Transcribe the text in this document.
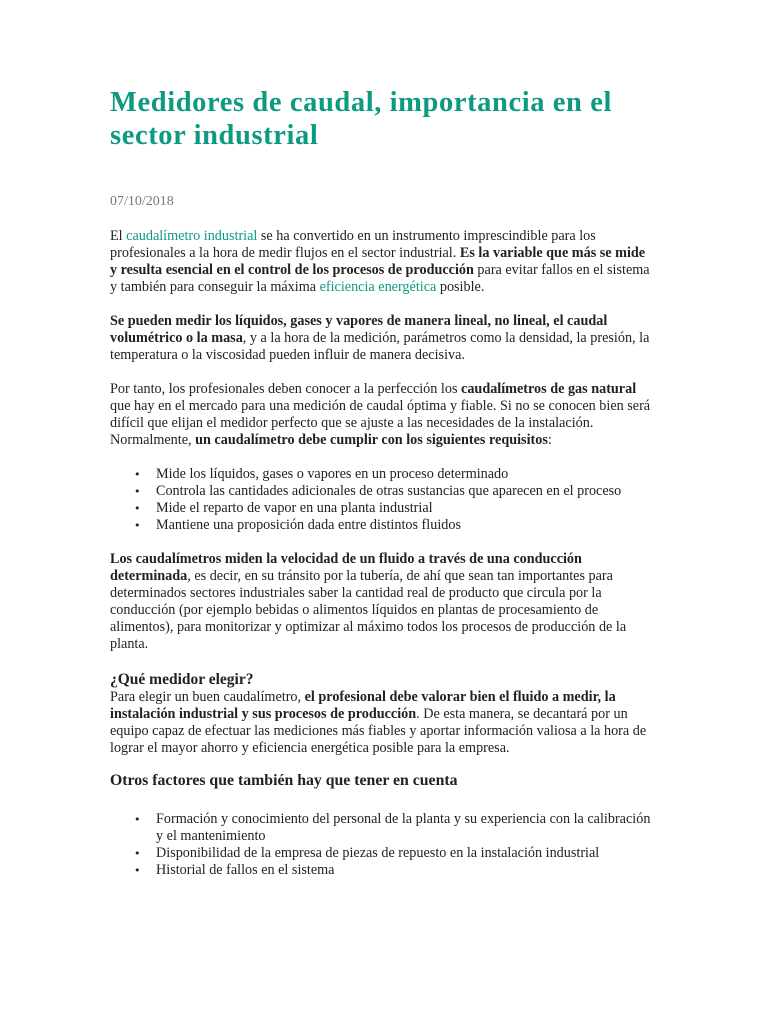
Medidores de caudal, importancia en el sector industrial
07/10/2018

El caudalímetro industrial se ha convertido en un instrumento imprescindible para los profesionales a la hora de medir flujos en el sector industrial. Es la variable que más se mide y resulta esencial en el control de los procesos de producción para evitar fallos en el sistema y también para conseguir la máxima eficiencia energética posible.

Se pueden medir los líquidos, gases y vapores de manera lineal, no lineal, el caudal volumétrico o la masa, y a la hora de la medición, parámetros como la densidad, la presión, la temperatura o la viscosidad pueden influir de manera decisiva.

Por tanto, los profesionales deben conocer a la perfección los caudalímetros de gas natural que hay en el mercado para una medición de caudal óptima y fiable. Si no se conocen bien será difícil que elijan el medidor perfecto que se ajuste a las necesidades de la instalación. Normalmente, un caudalímetro debe cumplir con los siguientes requisitos:

• Mide los líquidos, gases o vapores en un proceso determinado
• Controla las cantidades adicionales de otras sustancias que aparecen en el proceso
• Mide el reparto de vapor en una planta industrial
• Mantiene una proposición dada entre distintos fluidos

Los caudalímetros miden la velocidad de un fluido a través de una conducción determinada, es decir, en su tránsito por la tubería, de ahí que sean tan importantes para determinados sectores industriales saber la cantidad real de producto que circula por la conducción (por ejemplo bebidas o alimentos líquidos en plantas de procesamiento de alimentos), para monitorizar y optimizar al máximo todos los procesos de producción de la planta.

¿Qué medidor elegir?

Para elegir un buen caudalímetro, el profesional debe valorar bien el fluido a medir, la instalación industrial y sus procesos de producción. De esta manera, se decantará por un equipo capaz de efectuar las mediciones más fiables y aportar información valiosa a la hora de lograr el mayor ahorro y eficiencia energética posible para la empresa.

Otros factores que también hay que tener en cuenta
• Formación y conocimiento del personal de la planta y su experiencia con la calibración y el mantenimiento
• Disponibilidad de la empresa de piezas de repuesto en la instalación industrial
• Historial de fallos en el sistema
